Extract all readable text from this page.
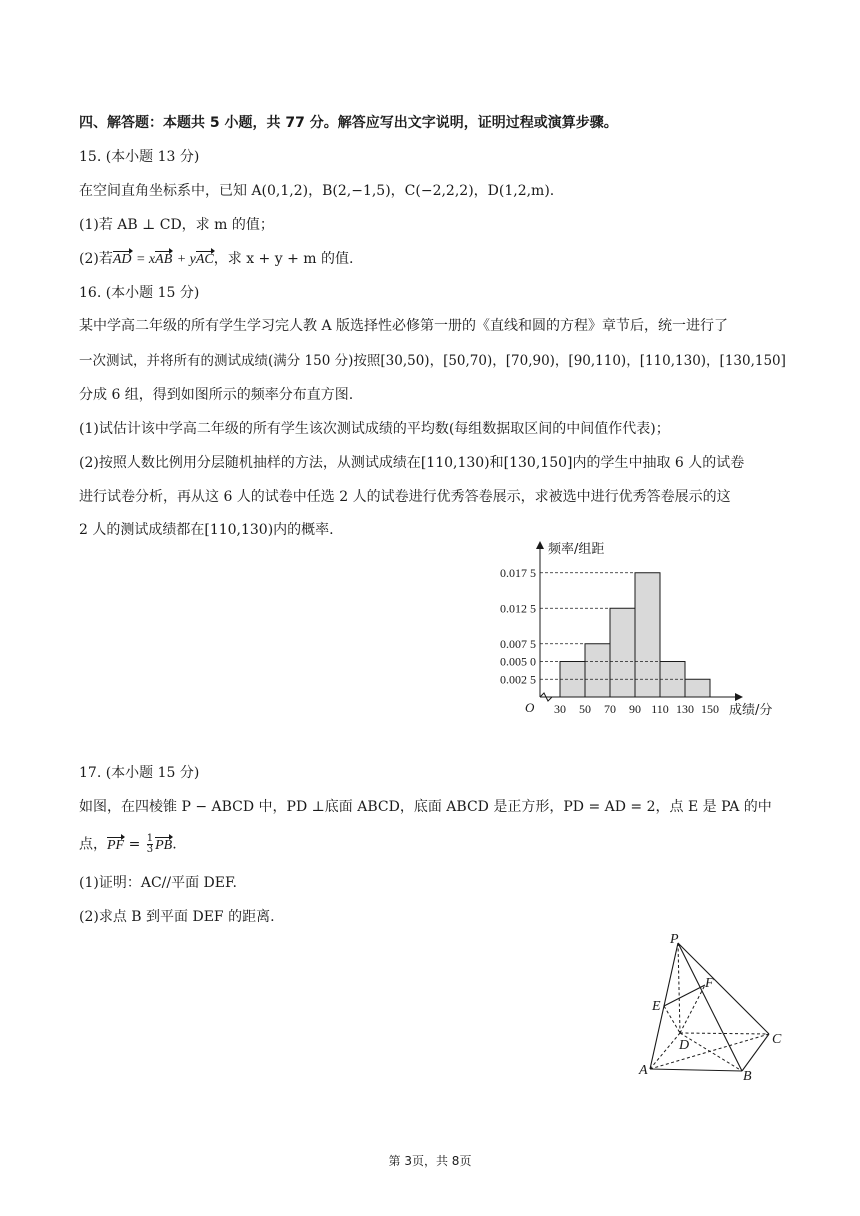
四、解答题：本题共 5 小题，共 77 分。解答应写出文字说明，证明过程或演算步骤。
15. (本小题 13 分)
在空间直角坐标系中，已知 A(0,1,2)，B(2,−1,5)，C(−2,2,2)，D(1,2,m).
(1)若 AB ⊥ CD，求 m 的值；
(2)若AD = xAB + yAC，求 x + y + m 的值.
16. (本小题 15 分)
某中学高二年级的所有学生学习完人教 A 版选择性必修第一册的《直线和圆的方程》章节后，统一进行了
一次测试，并将所有的测试成绩(满分 150 分)按照[30,50)，[50,70)，[70,90)，[90,110)，[110,130)，[130,150]
分成 6 组，得到如图所示的频率分布直方图.
(1)试估计该中学高二年级的所有学生该次测试成绩的平均数(每组数据取区间的中间值作代表)；
(2)按照人数比例用分层随机抽样的方法，从测试成绩在[110,130)和[130,150]内的学生中抽取 6 人的试卷
进行试卷分析，再从这 6 人的试卷中任选 2 人的试卷进行优秀答卷展示，求被选中进行优秀答卷展示的这
2 人的测试成绩都在[110,130)内的概率.
0.017 5
0.012 5
0.007 5
0.005 0
0.002 5
30 50 70 90 110 130 150
频率/组距
成绩/分
O
17. (本小题 15 分)
如图，在四棱锥 P − ABCD 中，PD ⊥底面 ABCD，底面 ABCD 是正方形，PD = AD = 2，点 E 是 PA 的中
点，PF = $\frac{1}{3}$ PB.
(1)证明：AC//平面 DEF.
(2)求点 B 到平面 DEF 的距离.
P
E
F
D	C
A	B
第 3页，共 8页
